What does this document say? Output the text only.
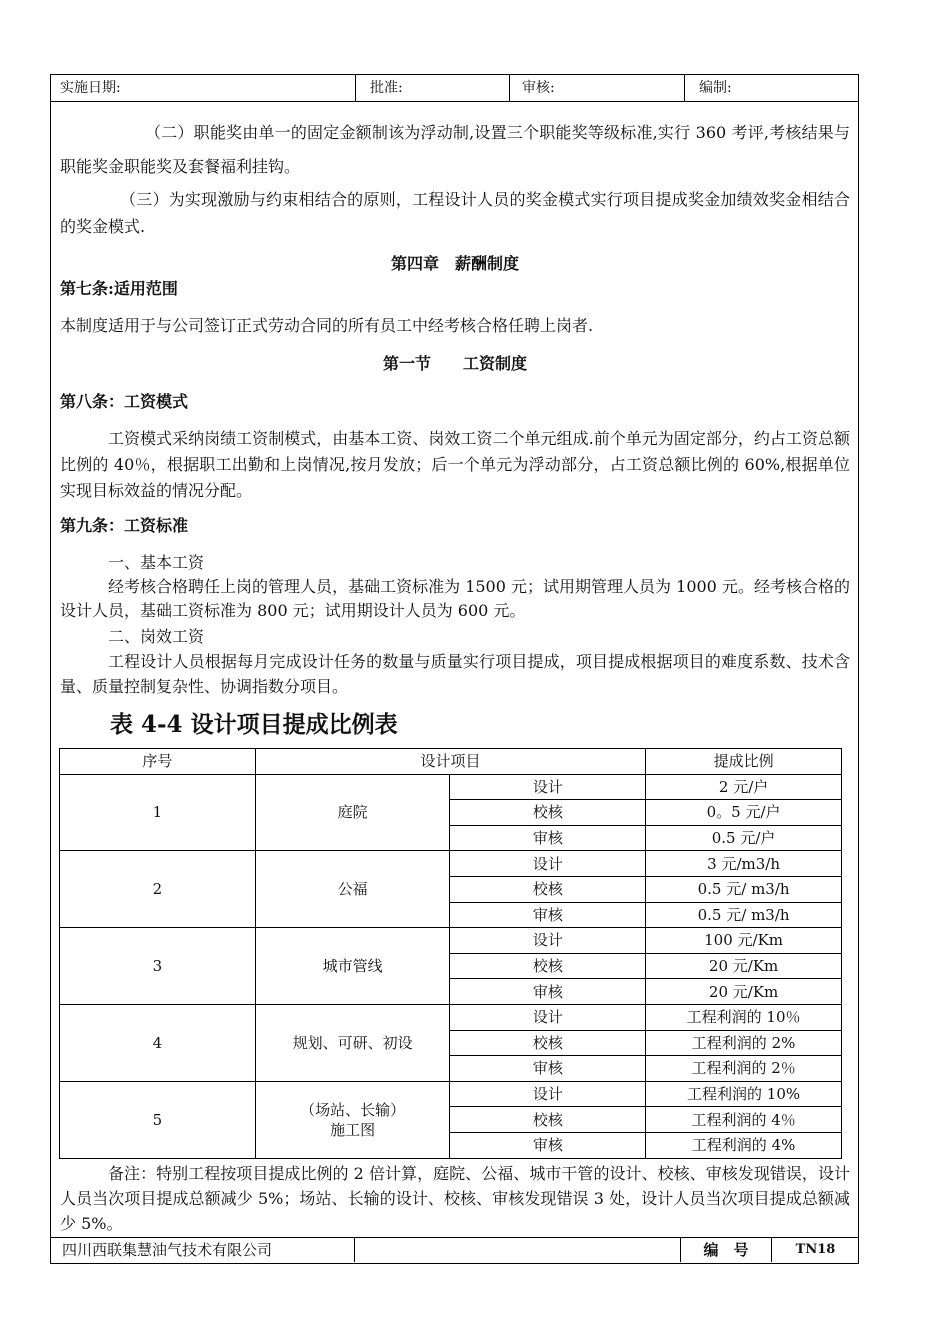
实施日期:	批准:	审核:	编制:
四川西联集慧油气技术有限公司	编　号	TN18
（二）职能奖由单一的固定金额制该为浮动制,设置三个职能奖等级标准,实行 360 考评,考核结果与职能奖金职能奖及套餐福利挂钩。
（三）为实现激励与约束相结合的原则，工程设计人员的奖金模式实行项目提成奖金加绩效奖金相结合的奖金模式.
第四章　薪酬制度
第七条:适用范围
本制度适用于与公司签订正式劳动合同的所有员工中经考核合格任聘上岗者.
第一节　　工资制度
第八条：工资模式
工资模式采纳岗绩工资制模式，由基本工资、岗效工资二个单元组成.前个单元为固定部分，约占工资总额比例的 40％，根据职工出勤和上岗情况,按月发放；后一个单元为浮动部分，占工资总额比例的 60%,根据单位实现目标效益的情况分配。
第九条：工资标准
一、基本工资
经考核合格聘任上岗的管理人员，基础工资标准为 1500 元；试用期管理人员为 1000 元。经考核合格的设计人员，基础工资标准为 800 元；试用期设计人员为 600 元。
二、岗效工资
工程设计人员根据每月完成设计任务的数量与质量实行项目提成，项目提成根据项目的难度系数、技术含量、质量控制复杂性、协调指数分项目。
表 4-4 设计项目提成比例表
序号	设计项目		提成比例
1	庭院	设计	2 元/户
		校核	0。5 元/户
		审核	0.5 元/户
2	公福	设计	3 元/m3/h
		校核	0.5 元/ m3/h
		审核	0.5 元/ m3/h
3	城市管线	设计	100 元/Km
		校核	20 元/Km
		审核	20 元/Km
4	规划、可研、初设	设计	工程利润的 10％
		校核	工程利润的 2%
		审核	工程利润的 2％
5	（场站、长输）
施工图	设计	工程利润的 10%
		校核	工程利润的 4％
		审核	工程利润的 4%
备注：特别工程按项目提成比例的 2 倍计算，庭院、公福、城市干管的设计、校核、审核发现错误，设计人员当次项目提成总额减少 5%；场站、长输的设计、校核、审核发现错误 3 处，设计人员当次项目提成总额减少 5%。
